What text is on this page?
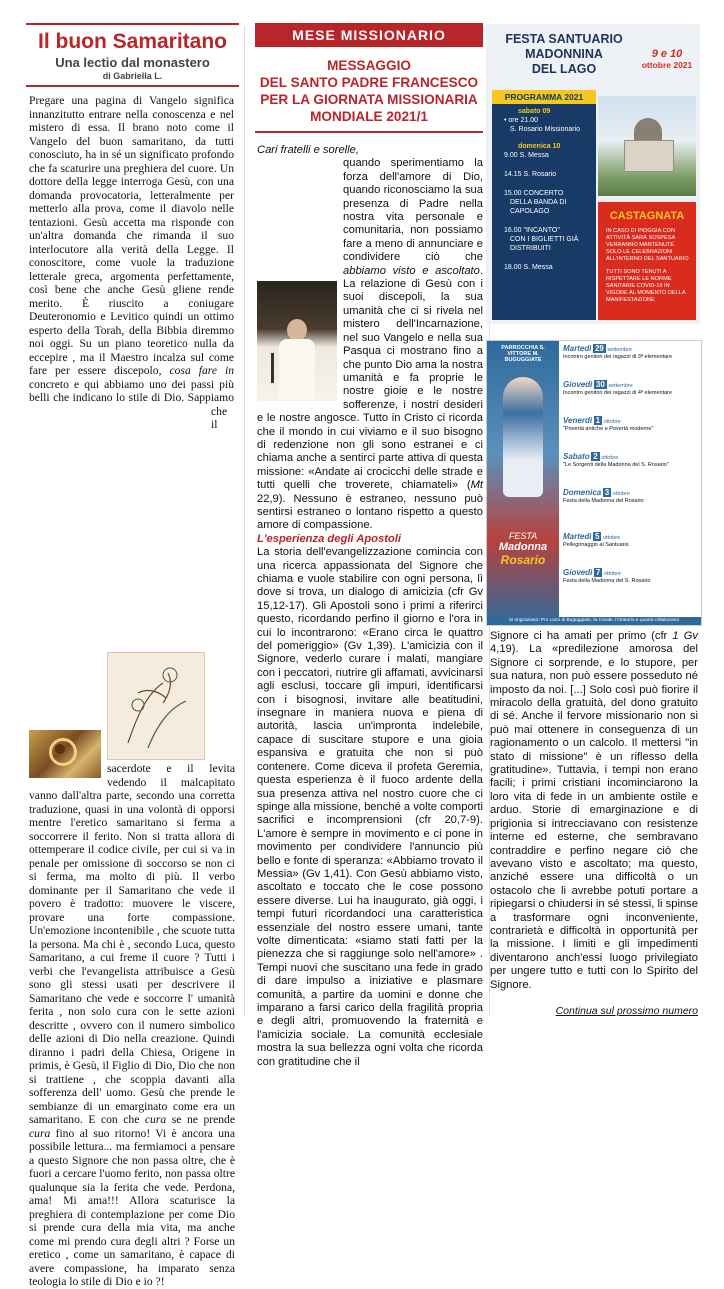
Il buon Samaritano
Una lectio dal monastero
di Gabriella L.

Pregare una pagina di Vangelo significa innanzitutto entrare nella conoscenza e nel mistero di essa. Il brano noto come il Vangelo del buon samaritano, da tutti conosciuto, ha in sé un significato profondo che fa scaturire una preghiera del cuore. Un dottore della legge interroga Gesù, con una domanda provocatoria, letteralmente per metterlo alla prova, come il diavolo nelle tentazioni. Gesù accetta ma risponde con un'altra domanda che rimanda il suo interlocutore alla verità della Legge. Il conoscitore, come vuole la traduzione letterale greca, argomenta perfettamente, così bene che anche Gesù gliene rende merito. È riuscito a coniugare Deuteronomio e Levitico quindi un ottimo esperto della Torah, della Bibbia diremmo noi oggi. Su un piano teoretico nulla da eccepire , ma il Maestro incalza sul come fare per essere discepolo, cosa fare in concreto e qui abbiamo uno dei passi più belli che indicano lo stile di Dio. Sappiamo che il sacerdote e il levita vedendo il malcapitato vanno dall'altra parte, secondo una corretta traduzione, quasi in una volontà di opporsi mentre l'eretico samaritano si ferma a soccorrere il ferito. Non si tratta allora di ottemperare il codice civile, per cui si va in penale per omissione di soccorso se non ci si ferma, ma molto di più. Il verbo dominante per il Samaritano che vede il povero è tradotto: muovere le viscere, provare una forte compassione. Un'emozione incontenibile , che scuote tutta la persona. Ma chi è , secondo Luca, questo Samaritano, a cui freme il cuore ? Tutti i verbi che l'evangelista attribuisce a Gesù sono gli stessi usati per descrivere il Samaritano che vede e soccorre l' umanità ferita , non solo cura con le sette azioni descritte , ovvero con il numero simbolico delle azioni di Dio nella creazione. Quindi diranno i padri della Chiesa, Origene in primis, è Gesù, il Figlio di Dio, Dio che non si trattiene , che scoppia davanti alla sofferenza dell' uomo. Gesù che prende le sembianze di un emarginato come era un samaritano. E con che cura se ne prende cura fino al suo ritorno! Vi è ancora una possibile lettura... ma fermiamoci a pensare a questo Signore che non passa oltre, che è fuori a cercare l'uomo ferito, non passa oltre qualunque sia la ferita che vede. Perdona, ama! Mi ama!!! Allora scaturisce la preghiera di contemplazione per come Dio si prende cura della mia vita, ma anche come mi prendo cura degli altri ? Forse un eretico , come un samaritano, è capace di avere compassione, ha imparato senza teologia lo stile di Dio e io ?!

MESE MISSIONARIO
MESSAGGIO
DEL SANTO PADRE FRANCESCO
PER LA GIORNATA MISSIONARIA
MONDIALE 2021/1

Cari fratelli e sorelle,

quando sperimentiamo la forza dell'amore di Dio, quando riconosciamo la sua presenza di Padre nella nostra vita personale e comunitaria, non possiamo fare a meno di annunciare e condividere ciò che abbiamo visto e ascoltato. La relazione di Gesù con i suoi discepoli, la sua umanità che ci si rivela nel mistero dell'Incarnazione, nel suo Vangelo e nella sua Pasqua ci mostrano fino a che punto Dio ama la nostra umanità e fa proprie le nostre gioie e le nostre sofferenze, i nostri desideri e le nostre angosce. Tutto in Cristo ci ricorda che il mondo in cui viviamo e il suo bisogno di redenzione non gli sono estranei e ci chiama anche a sentirci parte attiva di questa missione: «Andate ai crocicchi delle strade e tutti quelli che troverete, chiamateli» (Mt 22,9). Nessuno è estraneo, nessuno può sentirsi estraneo o lontano rispetto a questo amore di compassione.

L'esperienza degli Apostoli

La storia dell'evangelizzazione comincia con una ricerca appassionata del Signore che chiama e vuole stabilire con ogni persona, lì dove si trova, un dialogo di amicizia (cfr Gv 15,12-17). Gli Apostoli sono i primi a riferirci questo, ricordando perfino il giorno e l'ora in cui lo incontrarono: «Erano circa le quattro del pomeriggio» (Gv 1,39). L'amicizia con il Signore, vederlo curare i malati, mangiare con i peccatori, nutrire gli affamati, avvicinarsi agli esclusi, toccare gli impuri, identificarsi con i bisognosi, invitare alle beatitudini, insegnare in maniera nuova e piena di autorità, lascia un'impronta indelebile, capace di suscitare stupore e una gioia espansiva e gratuita che non si può contenere. Come diceva il profeta Geremia, questa esperienza è il fuoco ardente della sua presenza attiva nel nostro cuore che ci spinge alla missione, benché a volte comporti sacrifici e incomprensioni (cfr 20,7-9). L'amore è sempre in movimento e ci pone in movimento per condividere l'annuncio più bello e fonte di speranza: «Abbiamo trovato il Messia» (Gv 1,41). Con Gesù abbiamo visto, ascoltato e toccato che le cose possono essere diverse. Lui ha inaugurato, già oggi, i tempi futuri ricordandoci una caratteristica essenziale del nostro essere umani, tante volte dimenticata: «siamo stati fatti per la pienezza che si raggiunge solo nell'amore» . Tempi nuovi che suscitano una fede in grado di dare impulso a iniziative e plasmare comunità, a partire da uomini e donne che imparano a farsi carico della fragilità propria e degli altri, promuovendo la fraternità e l'amicizia sociale. La comunità ecclesiale mostra la sua bellezza ogni volta che ricorda con gratitudine che il

FESTA SANTUARIO
MADONNINA
DEL LAGO
9 e 10
ottobre 2021
PROGRAMMA 2021
sabato 09
• ore 21.00
S. Rosario Missionario
domenica 10
9.00 S. Messa
14.15 S. Rosario
15.00 CONCERTO
DELLA BANDA DI
CAPOLAGO
16.00 "INCANTO"
CON I BIGLIETTI GIÀ
DISTRIBUITI
18.00 S. Messa
CASTAGNATA
IN CASO DI PIOGGIA CON ATTIVITÀ SARÀ SOSPESA VERRANNO MANTENUTE SOLO LE CELEBRAZIONI ALL'INTERNO DEL SANTUARIO
TUTTI SONO TENUTI A RISPETTARE LE NORME SANITARIE COVID-19 IN VIGORE AL MOMENTO DELLA MANIFESTAZIONE
PARROCCHIA S. VITTORE M. BUGUGGIATE
FESTA
Madonna
Rosario
Martedì 29 settembre
Incontro genitori dei ragazzi di 3ª elementare
Giovedì 30 settembre
Incontro genitori dei ragazzi di 4ª elementare
Venerdì 1 ottobre
"Povertà antiche e Povertà moderne"
Sabato 2 ottobre
"Le Sorgenti della Madonna del S. Rosario"
Domenica 3 ottobre
Festa della Madonna del Rosario
Martedì 5 ottobre
Pellegrinaggio al Santuario
Giovedì 7 ottobre
Festa della Madonna del S. Rosario
Si ringraziano: Pro Loco di Buguggiate, la Corale, l'Oratorio e quanti collaborano

Signore ci ha amati per primo (cfr 1 Gv 4,19). La «predilezione amorosa del Signore ci sorprende, e lo stupore, per sua natura, non può essere posseduto né imposto da noi. [...] Solo così può fiorire il miracolo della gratuità, del dono gratuito di sé. Anche il fervore missionario non si può mai ottenere in conseguenza di un ragionamento o un calcolo. Il mettersi "in stato di missione" è un riflesso della gratitudine». Tuttavia, i tempi non erano facili; i primi cristiani incominciarono la loro vita di fede in un ambiente ostile e arduo. Storie di emarginazione e di prigionia si intrecciavano con resistenze interne ed esterne, che sembravano contraddire e perfino negare ciò che avevano visto e ascoltato; ma questo, anziché essere una difficoltà o un ostacolo che li avrebbe potuti portare a ripiegarsi o chiudersi in sé stessi, li spinse a trasformare ogni inconveniente, contrarietà e difficoltà in opportunità per la missione. I limiti e gli impedimenti diventarono anch'essi luogo privilegiato per ungere tutto e tutti con lo Spirito del Signore.

Continua sul prossimo numero
